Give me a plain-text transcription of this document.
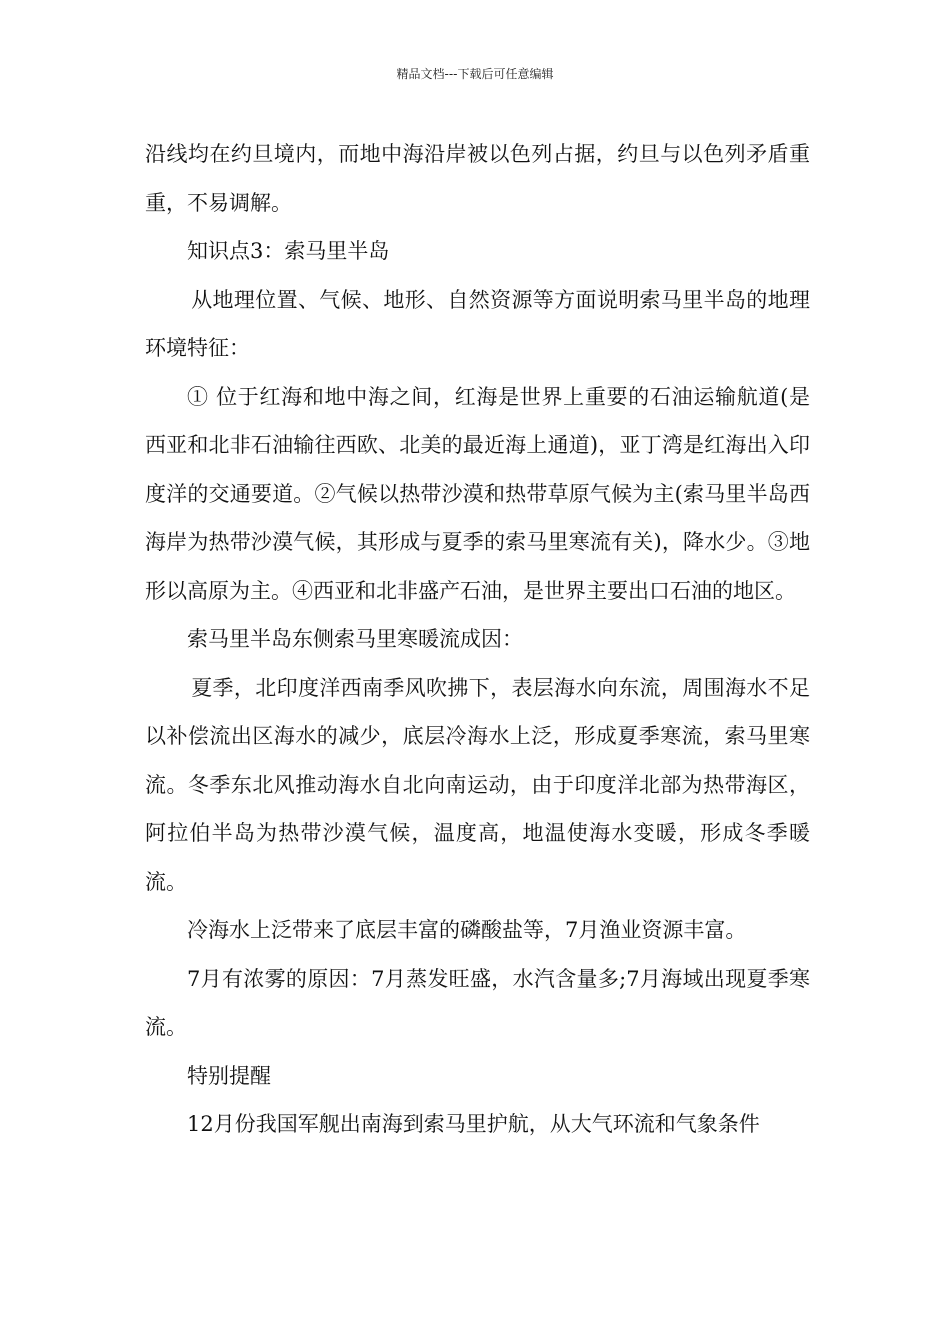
精品文档---下载后可任意编辑

沿线均在约旦境内，而地中海沿岸被以色列占据，约旦与以色列矛盾重重，不易调解。

知识点3：索马里半岛

从地理位置、气候、地形、自然资源等方面说明索马里半岛的地理环境特征：

① 位于红海和地中海之间，红海是世界上重要的石油运输航道(是西亚和北非石油输往西欧、北美的最近海上通道)，亚丁湾是红海出入印度洋的交通要道。②气候以热带沙漠和热带草原气候为主(索马里半岛西海岸为热带沙漠气候，其形成与夏季的索马里寒流有关)，降水少。③地形以高原为主。④西亚和北非盛产石油，是世界主要出口石油的地区。

索马里半岛东侧索马里寒暖流成因：

夏季，北印度洋西南季风吹拂下，表层海水向东流，周围海水不足以补偿流出区海水的减少，底层冷海水上泛，形成夏季寒流，索马里寒流。冬季东北风推动海水自北向南运动，由于印度洋北部为热带海区，阿拉伯半岛为热带沙漠气候，温度高，地温使海水变暖，形成冬季暖流。

冷海水上泛带来了底层丰富的磷酸盐等，7月渔业资源丰富。

7月有浓雾的原因：7月蒸发旺盛，水汽含量多;7月海域出现夏季寒流。

特别提醒

12月份我国军舰出南海到索马里护航，从大气环流和气象条件
